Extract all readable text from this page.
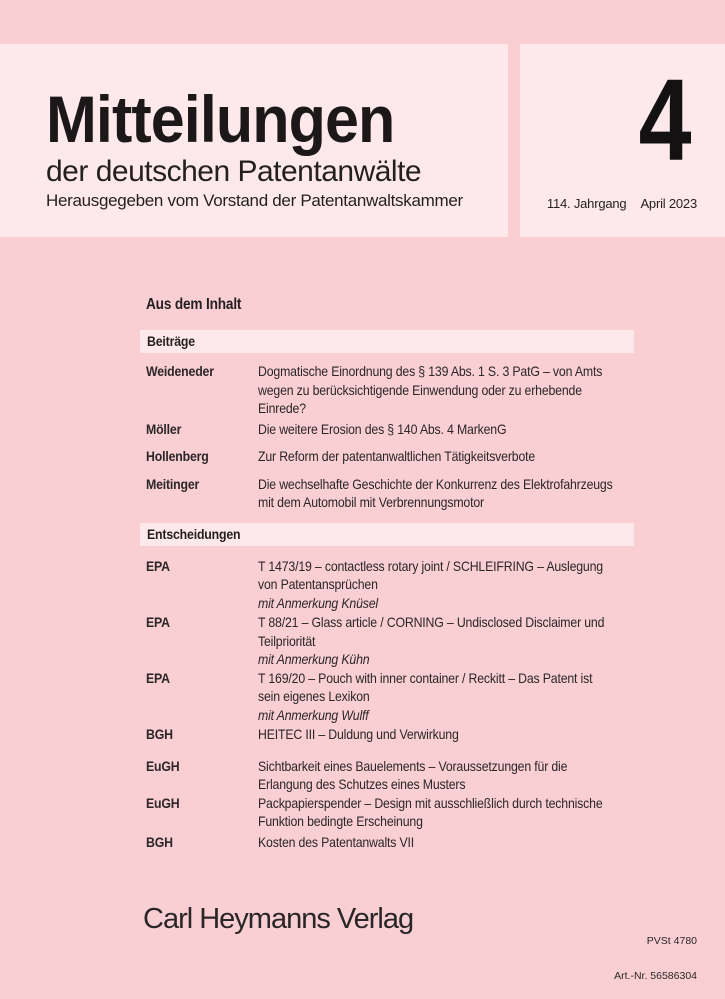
Mitteilungen
der deutschen Patentanwälte
Herausgegeben vom Vorstand der Patentanwaltskammer
4
114. Jahrgang April 2023
Aus dem Inhalt
Beiträge
Weideneder	Dogmatische Einordnung des § 139 Abs. 1 S. 3 PatG – von Amts
wegen zu berücksichtigende Einwendung oder zu erhebende
Einrede?
Möller	Die weitere Erosion des § 140 Abs. 4 MarkenG
Hollenberg	Zur Reform der patentanwaltlichen Tätigkeitsverbote
Meitinger	Die wechselhafte Geschichte der Konkurrenz des Elektrofahrzeugs
mit dem Automobil mit Verbrennungsmotor
Entscheidungen
EPA	T 1473/19 – contactless rotary joint / SCHLEIFRING – Auslegung
von Patentansprüchen
mit Anmerkung Knüsel
EPA	T 88/21 – Glass article / CORNING – Undisclosed Disclaimer und
Teilpriorität
mit Anmerkung Kühn
EPA	T 169/20 – Pouch with inner container / Reckitt – Das Patent ist
sein eigenes Lexikon
mit Anmerkung Wulff
BGH	HEITEC III – Duldung und Verwirkung
EuGH	Sichtbarkeit eines Bauelements – Voraussetzungen für die
Erlangung des Schutzes eines Musters
EuGH	Packpapierspender – Design mit ausschließlich durch technische
Funktion bedingte Erscheinung
BGH	Kosten des Patentanwalts VII
Carl Heymanns Verlag

PVSt 4780

Art.-Nr. 56586304
